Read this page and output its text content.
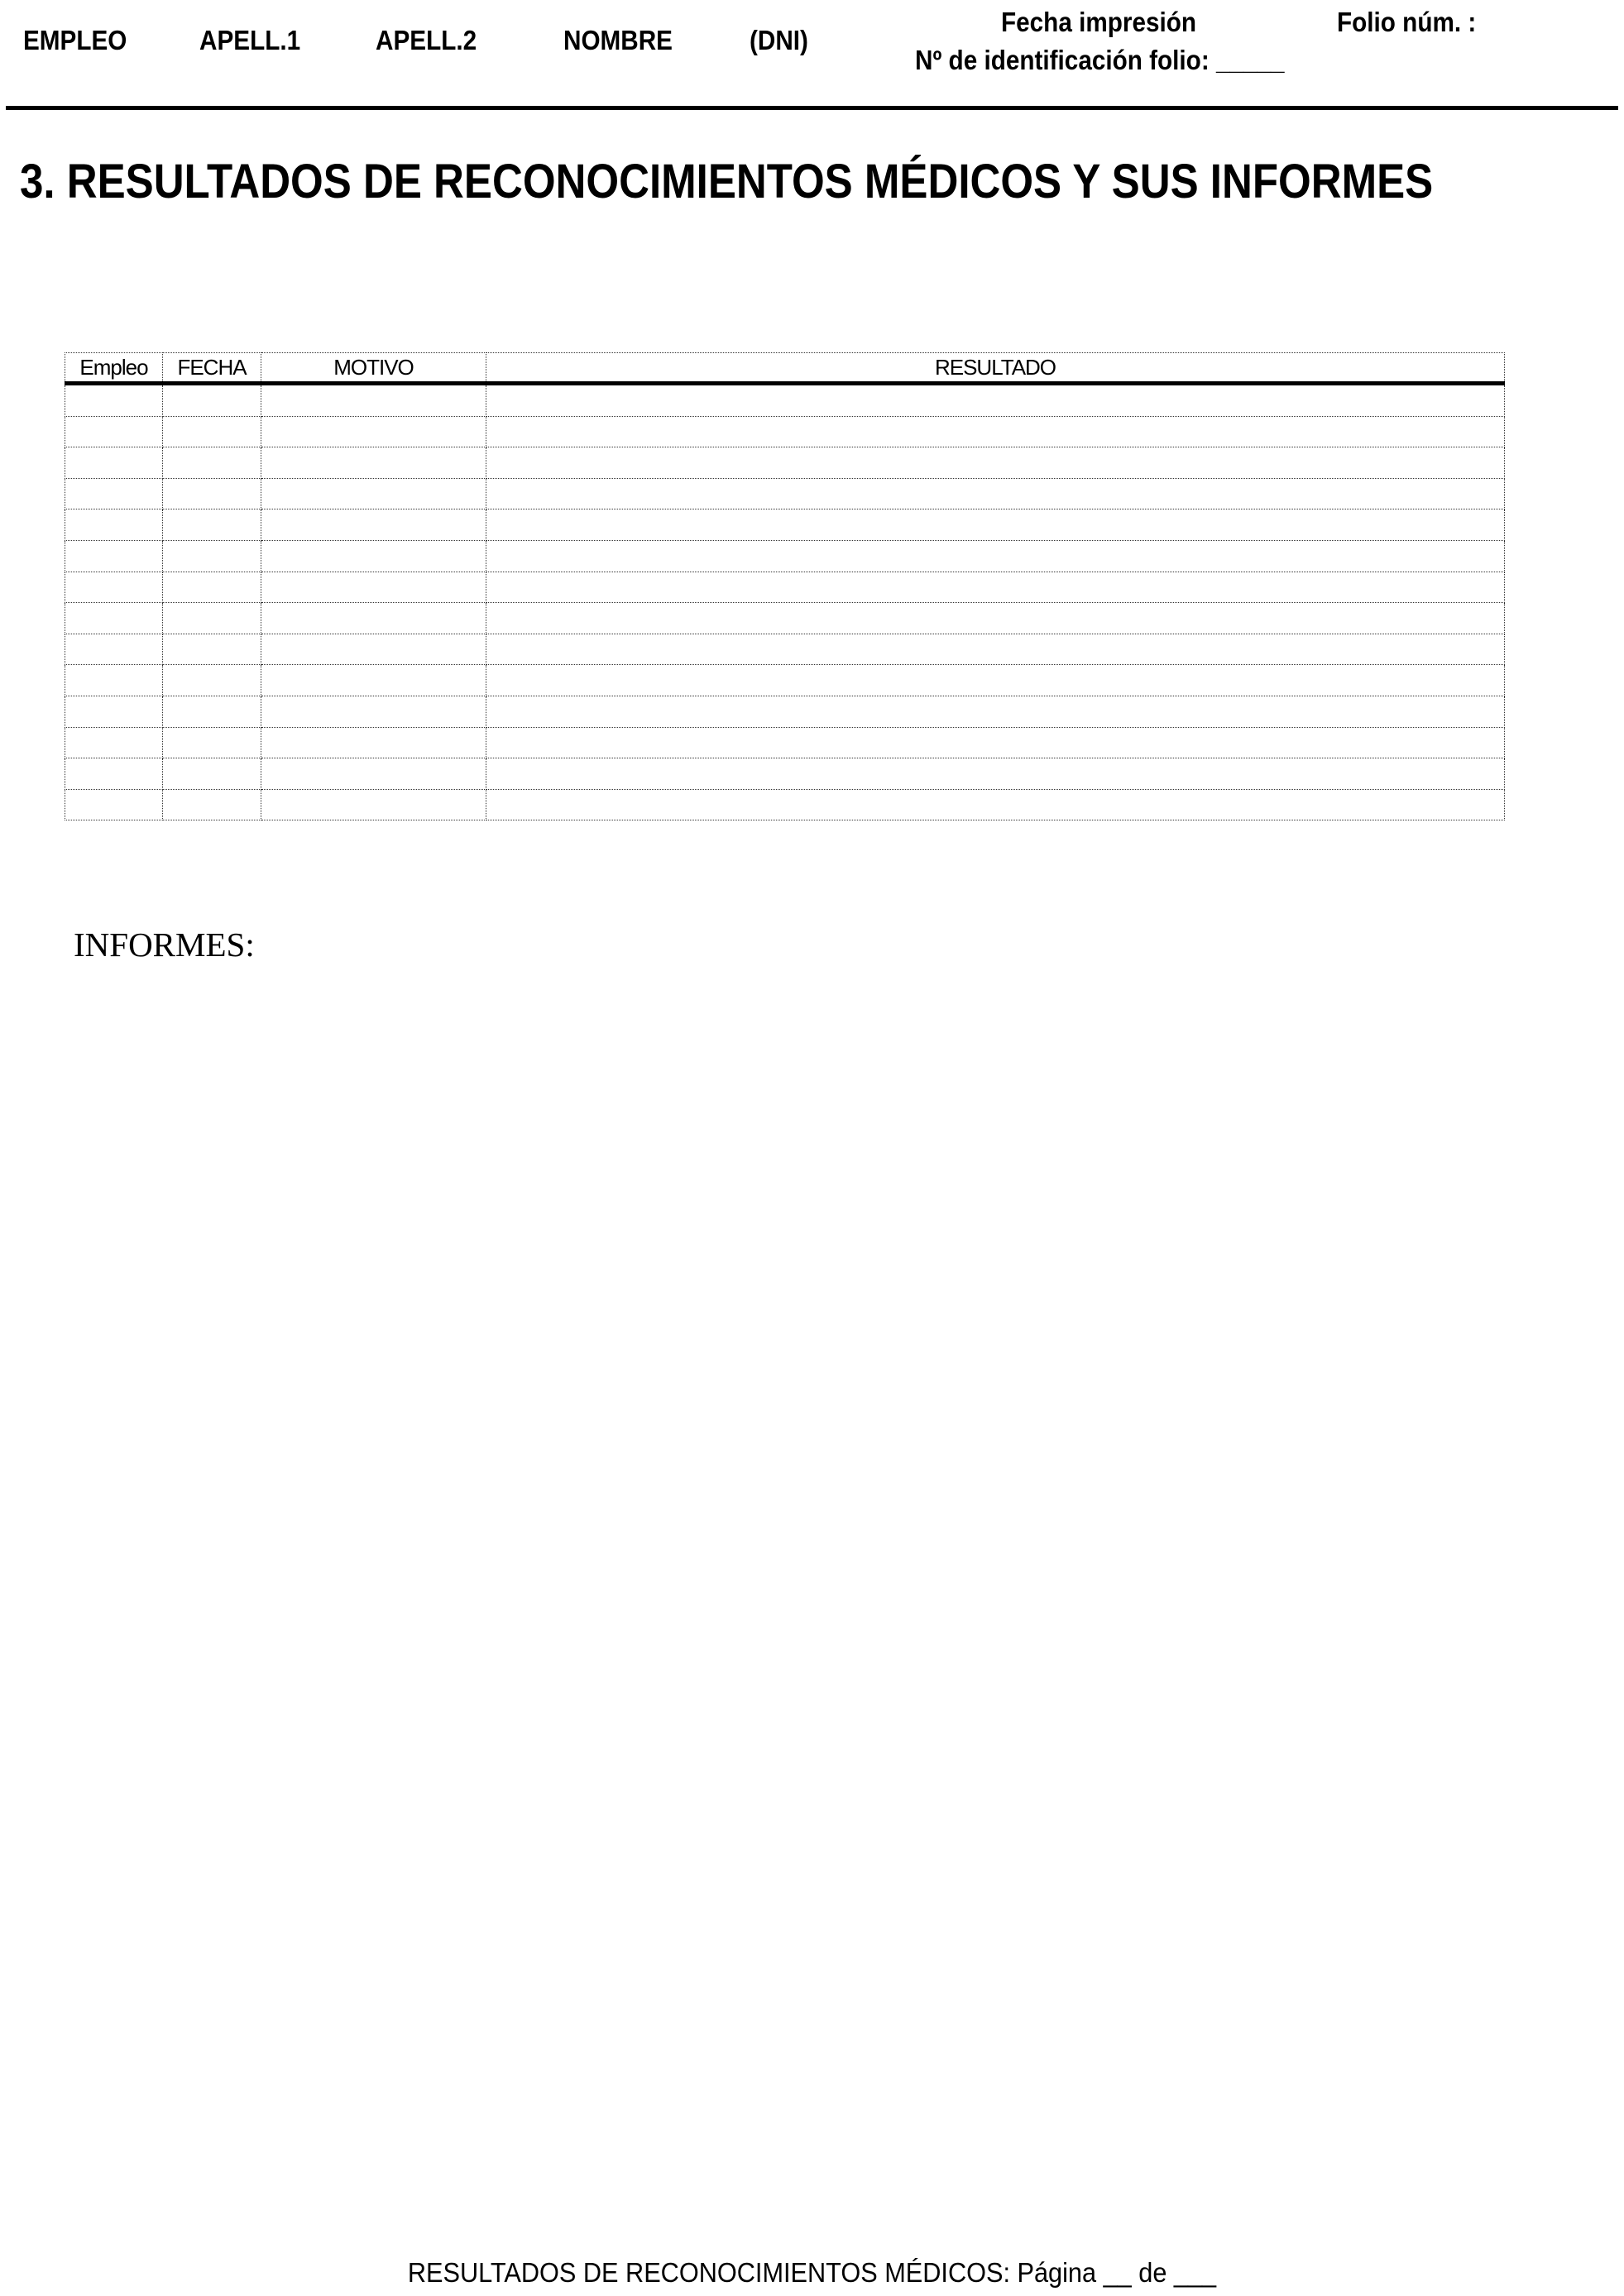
EMPLEO	APELL.1	APELL.2	NOMBRE	(DNI)
Fecha impresión
Nº de identificación folio: _____
Folio núm. :
3. RESULTADOS DE RECONOCIMIENTOS MÉDICOS Y SUS INFORMES
Empleo	FECHA	MOTIVO	RESULTADO

INFORMES:
RESULTADOS DE RECONOCIMIENTOS MÉDICOS: Página __ de ___
